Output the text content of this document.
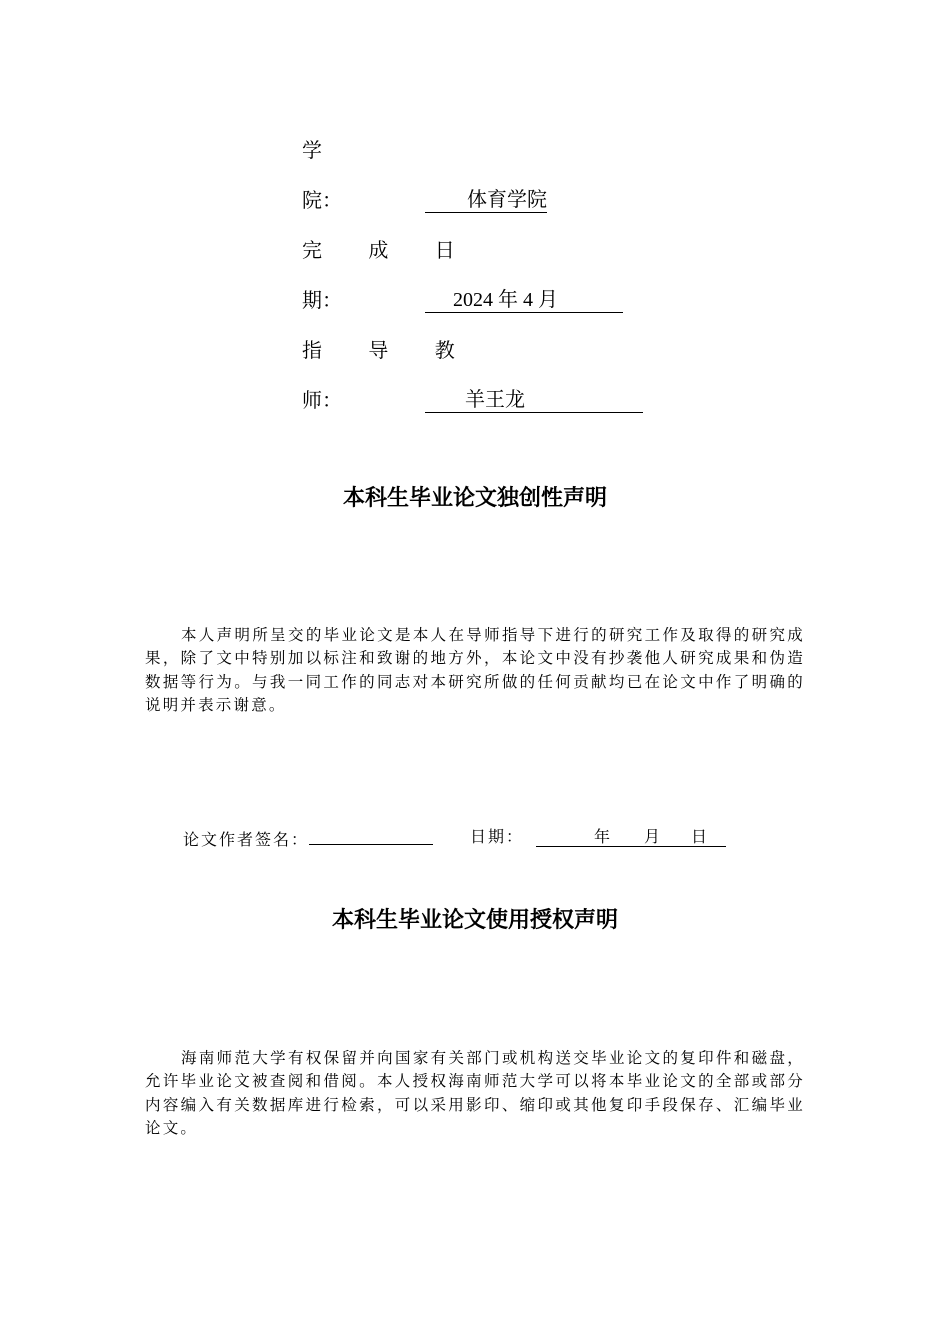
学
院：	体育学院
完 成 日
期：	2024 年 4 月
指 导 教
师：	羊王龙
本科生毕业论文独创性声明
本人声明所呈交的毕业论文是本人在导师指导下进行的研究工作及取得的研究成果，除了文中特别加以标注和致谢的地方外，本论文中没有抄袭他人研究成果和伪造数据等行为。与我一同工作的同志对本研究所做的任何贡献均已在论文中作了明确的说明并表示谢意。
论文作者签名：	日期：	年 月 日
本科生毕业论文使用授权声明
海南师范大学有权保留并向国家有关部门或机构送交毕业论文的复印件和磁盘，允许毕业论文被查阅和借阅。本人授权海南师范大学可以将本毕业论文的全部或部分内容编入有关数据库进行检索，可以采用影印、缩印或其他复印手段保存、汇编毕业论文。
